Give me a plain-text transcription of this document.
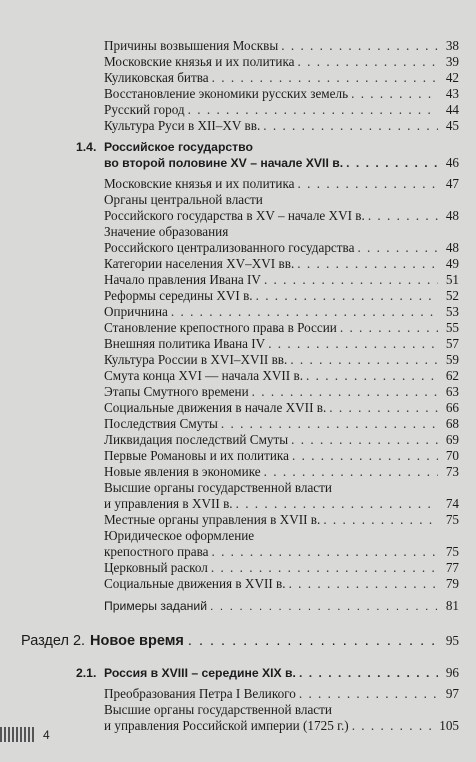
Причины возвышения Москвы . . .	38
Московские князья и их политика . . .	39
Куликовская битва . . .	42
Восстановление экономики русских земель . . .	43
Русский город . . .	44
Культура Руси в XII–XV вв. . . .	45
1.4. Российское государство
во второй половине XV – начале XVII в. . . .	46
Московские князья и их политика . . .	47
Органы центральной власти
Российского государства в XV – начале XVI в. . . .	48
Значение образования
Российского централизованного государства . . .	48
Категории населения XV–XVI вв. . . .	49
Начало правления Ивана IV . . .	51
Реформы середины XVI в. . . .	52
Опричнина . . .	53
Становление крепостного права в России . . .	55
Внешняя политика Ивана IV . . .	57
Культура России в XVI–XVII вв. . . .	59
Смута конца XVI — начала XVII в. . . .	62
Этапы Смутного времени . . .	63
Социальные движения в начале XVII в. . . .	66
Последствия Смуты . . .	68
Ликвидация последствий Смуты . . .	69
Первые Романовы и их политика . . .	70
Новые явления в экономике . . .	73
Высшие органы государственной власти
и управления в XVII в. . . .	74
Местные органы управления в XVII в. . . .	75
Юридическое оформление
крепостного права . . .	75
Церковный раскол . . .	77
Социальные движения в XVII в. . . .	79
Примеры заданий . . .	81
Раздел 2. Новое время . . .	95
2.1. Россия в XVIII – середине XIX в. . . .	96
Преобразования Петра I Великого . . .	97
Высшие органы государственной власти
и управления Российской империи (1725 г.) . . .	105
4
